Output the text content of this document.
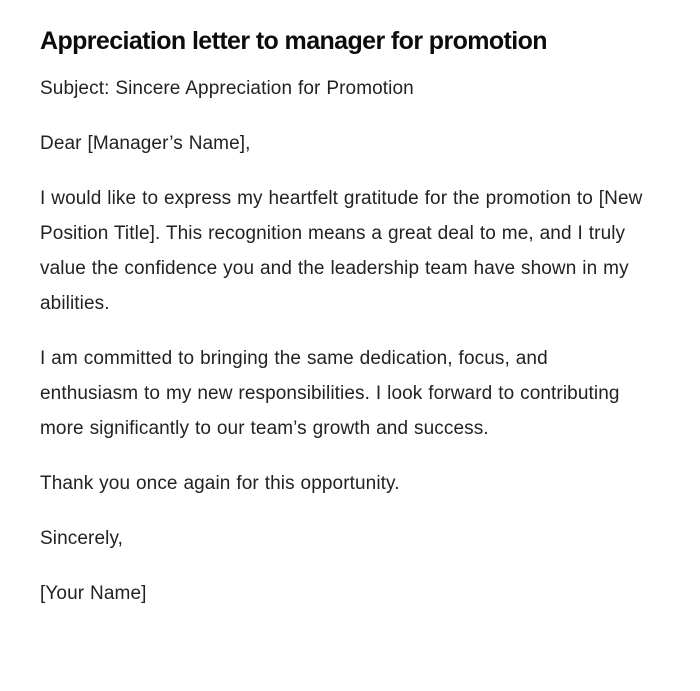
Appreciation letter to manager for promotion

Subject: Sincere Appreciation for Promotion

Dear [Manager’s Name],

I would like to express my heartfelt gratitude for the promotion to [New Position Title]. This recognition means a great deal to me, and I truly value the confidence you and the leadership team have shown in my abilities.

I am committed to bringing the same dedication, focus, and enthusiasm to my new responsibilities. I look forward to contributing more significantly to our team’s growth and success.

Thank you once again for this opportunity.

Sincerely,

[Your Name]
